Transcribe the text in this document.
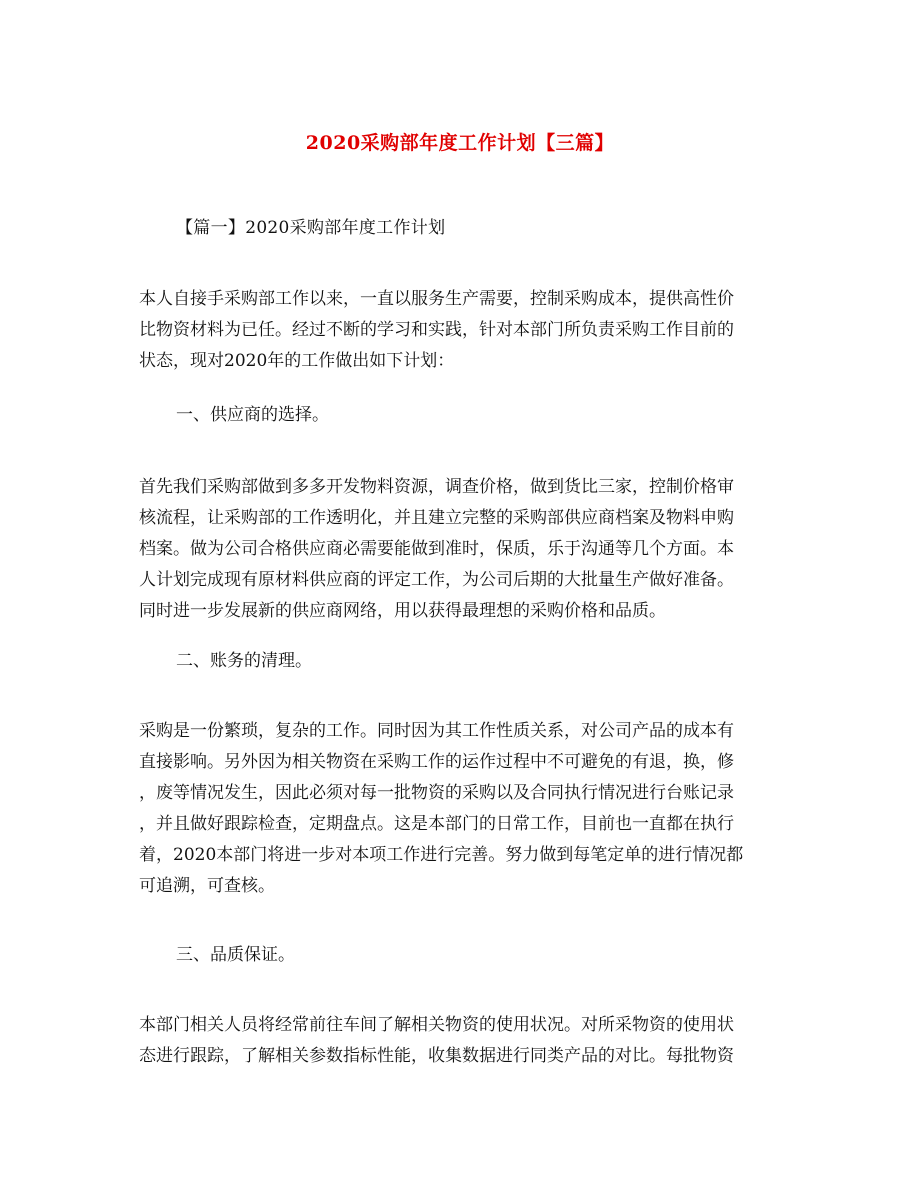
2020采购部年度工作计划【三篇】
【篇一】2020采购部年度工作计划

本人自接手采购部工作以来，一直以服务生产需要，控制采购成本，提供高性价
比物资材料为已任。经过不断的学习和实践，针对本部门所负责采购工作目前的
状态，现对2020年的工作做出如下计划：

一、供应商的选择。

首先我们采购部做到多多开发物料资源，调查价格，做到货比三家，控制价格审
核流程，让采购部的工作透明化，并且建立完整的采购部供应商档案及物料申购
档案。做为公司合格供应商必需要能做到准时，保质，乐于沟通等几个方面。本
人计划完成现有原材料供应商的评定工作，为公司后期的大批量生产做好准备。
同时进一步发展新的供应商网络，用以获得最理想的采购价格和品质。

二、账务的清理。

采购是一份繁琐，复杂的工作。同时因为其工作性质关系，对公司产品的成本有
直接影响。另外因为相关物资在采购工作的运作过程中不可避免的有退，换，修
，废等情况发生，因此必须对每一批物资的采购以及合同执行情况进行台账记录
，并且做好跟踪检查，定期盘点。这是本部门的日常工作，目前也一直都在执行
着，2020本部门将进一步对本项工作进行完善。努力做到每笔定单的进行情况都
可追溯，可查核。

三、品质保证。

本部门相关人员将经常前往车间了解相关物资的使用状况。对所采物资的使用状
态进行跟踪，了解相关参数指标性能，收集数据进行同类产品的对比。每批物资
